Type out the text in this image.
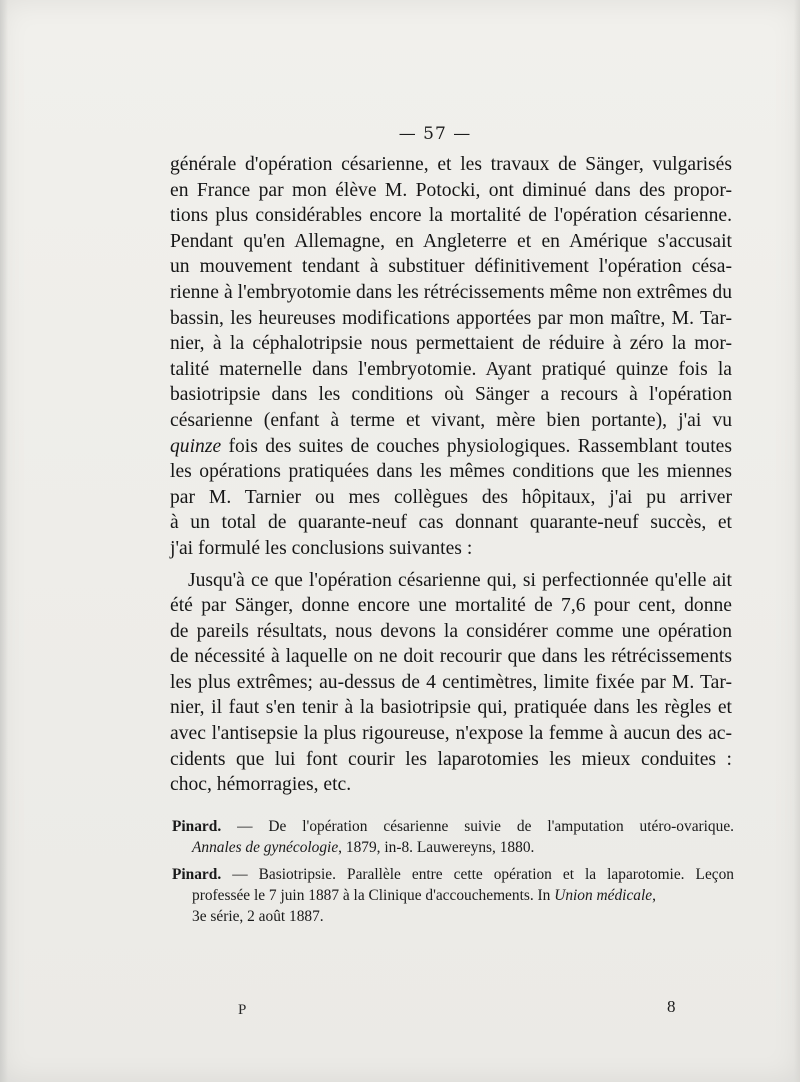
— 57 —
générale d'opération césarienne, et les travaux de Sänger, vulgarisés
en France par mon élève M. Potocki, ont diminué dans des propor-
tions plus considérables encore la mortalité de l'opération césarienne.
Pendant qu'en Allemagne, en Angleterre et en Amérique s'accusait
un mouvement tendant à substituer définitivement l'opération césa-
rienne à l'embryotomie dans les rétrécissements même non extrêmes du
bassin, les heureuses modifications apportées par mon maître, M. Tar-
nier, à la céphalotripsie nous permettaient de réduire à zéro la mor-
talité maternelle dans l'embryotomie. Ayant pratiqué quinze fois la
basiotripsie dans les conditions où Sänger a recours à l'opération
césarienne (enfant à terme et vivant, mère bien portante), j'ai vu
quinze fois des suites de couches physiologiques. Rassemblant toutes
les opérations pratiquées dans les mêmes conditions que les miennes
par M. Tarnier ou mes collègues des hôpitaux, j'ai pu arriver
à un total de quarante-neuf cas donnant quarante-neuf succès, et
j'ai formulé les conclusions suivantes :
Jusqu'à ce que l'opération césarienne qui, si perfectionnée qu'elle ait
été par Sänger, donne encore une mortalité de 7,6 pour cent, donne
de pareils résultats, nous devons la considérer comme une opération
de nécessité à laquelle on ne doit recourir que dans les rétrécissements
les plus extrêmes; au-dessus de 4 centimètres, limite fixée par M. Tar-
nier, il faut s'en tenir à la basiotripsie qui, pratiquée dans les règles et
avec l'antisepsie la plus rigoureuse, n'expose la femme à aucun des ac-
cidents que lui font courir les laparotomies les mieux conduites :
choc, hémorragies, etc.
Pinard. — De l'opération césarienne suivie de l'amputation utéro-ovarique.
Annales de gynécologie, 1879, in-8. Lauwereyns, 1880.
Pinard. — Basiotripsie. Parallèle entre cette opération et la laparotomie. Leçon
professée le 7 juin 1887 à la Clinique d'accouchements. In Union médicale,
3e série, 2 août 1887.
P	8
